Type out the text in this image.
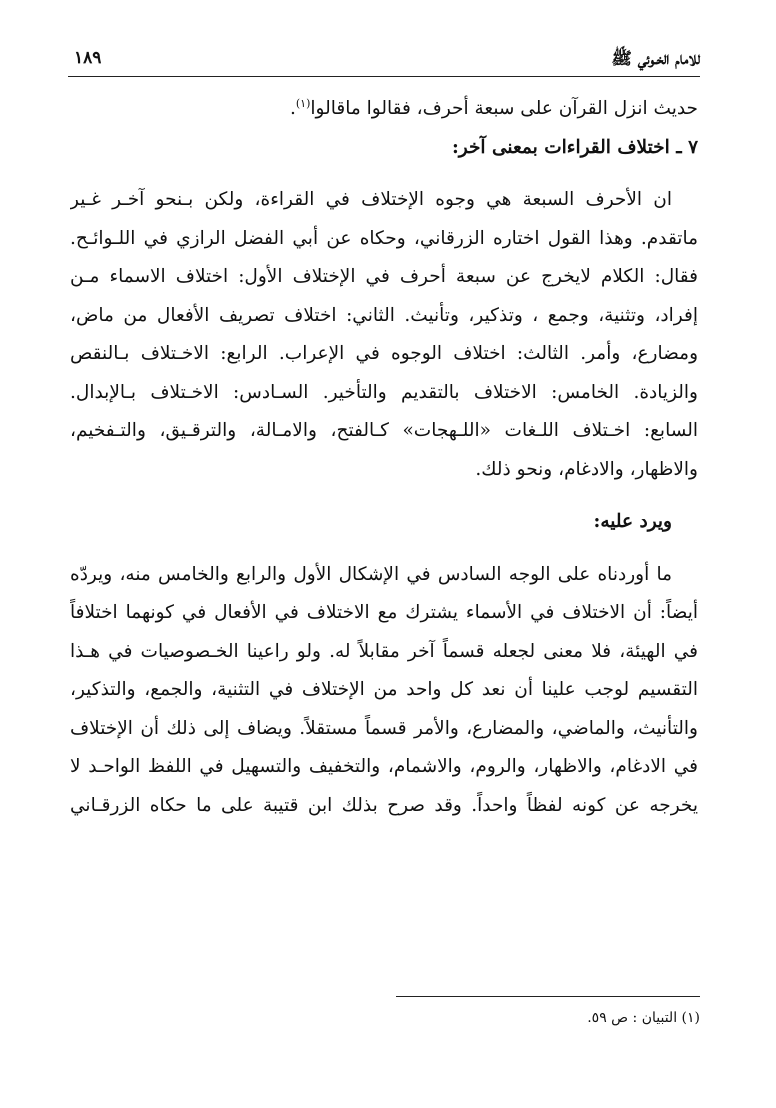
للامام الخـوئي ﷺ
١٨٩
حديث انزل القرآن على سبعة أحرف، فقالوا ماقالوا$^{(١)}$.
٧ ـ اختلاف القراءات بمعنى آخر:
ان الأحرف السبعة هي وجوه الإختلاف في القراءة، ولكن بـنحو آخـر غـير
ماتقدم. وهذا القول اختاره الزرقاني، وحكاه عن أبي الفضل الرازي في اللـوائـح.
فقال: الكلام لايخرج عن سبعة أحرف في الإختلاف الأول: اختلاف الاسماء مـن
إفراد، وتثنية، وجمع ، وتذكير، وتأنيث. الثاني: اختلاف تصريف الأفعال من ماض،
ومضارع، وأمر. الثالث: اختلاف الوجوه في الإعراب. الرابع: الاخـتلاف بـالنقص
والزيادة. الخامس: الاختلاف بالتقديم والتأخير. السـادس: الاخـتلاف بـالإبدال.
السابع: اخـتلاف اللـغات «اللـهجات» كـالفتح، والامـالة، والترقـيق، والتـفخيم،
والاظهار، والادغام، ونحو ذلك.
ويرد عليه:
ما أوردناه على الوجه السادس في الإشكال الأول والرابع والخامس منه، ويردّه
أيضاً: أن الاختلاف في الأسماء يشترك مع الاختلاف في الأفعال في كونهما اختلافاً
في الهيئة، فلا معنى لجعله قسماً آخر مقابلاً له. ولو راعينا الخـصوصيات في هـذا
التقسيم لوجب علينا أن نعد كل واحد من الإختلاف في التثنية، والجمع، والتذكير،
والتأنيث، والماضي، والمضارع، والأمر قسماً مستقلاً. ويضاف إلى ذلك أن الإختلاف
في الادغام، والاظهار، والروم، والاشمام، والتخفيف والتسهيل في اللفظ الواحـد لا
يخرجه عن كونه لفظاً واحداً. وقد صرح بذلك ابن قتيبة على ما حكاه الزرقـاني
(١) التبيان : ص ٥٩.
